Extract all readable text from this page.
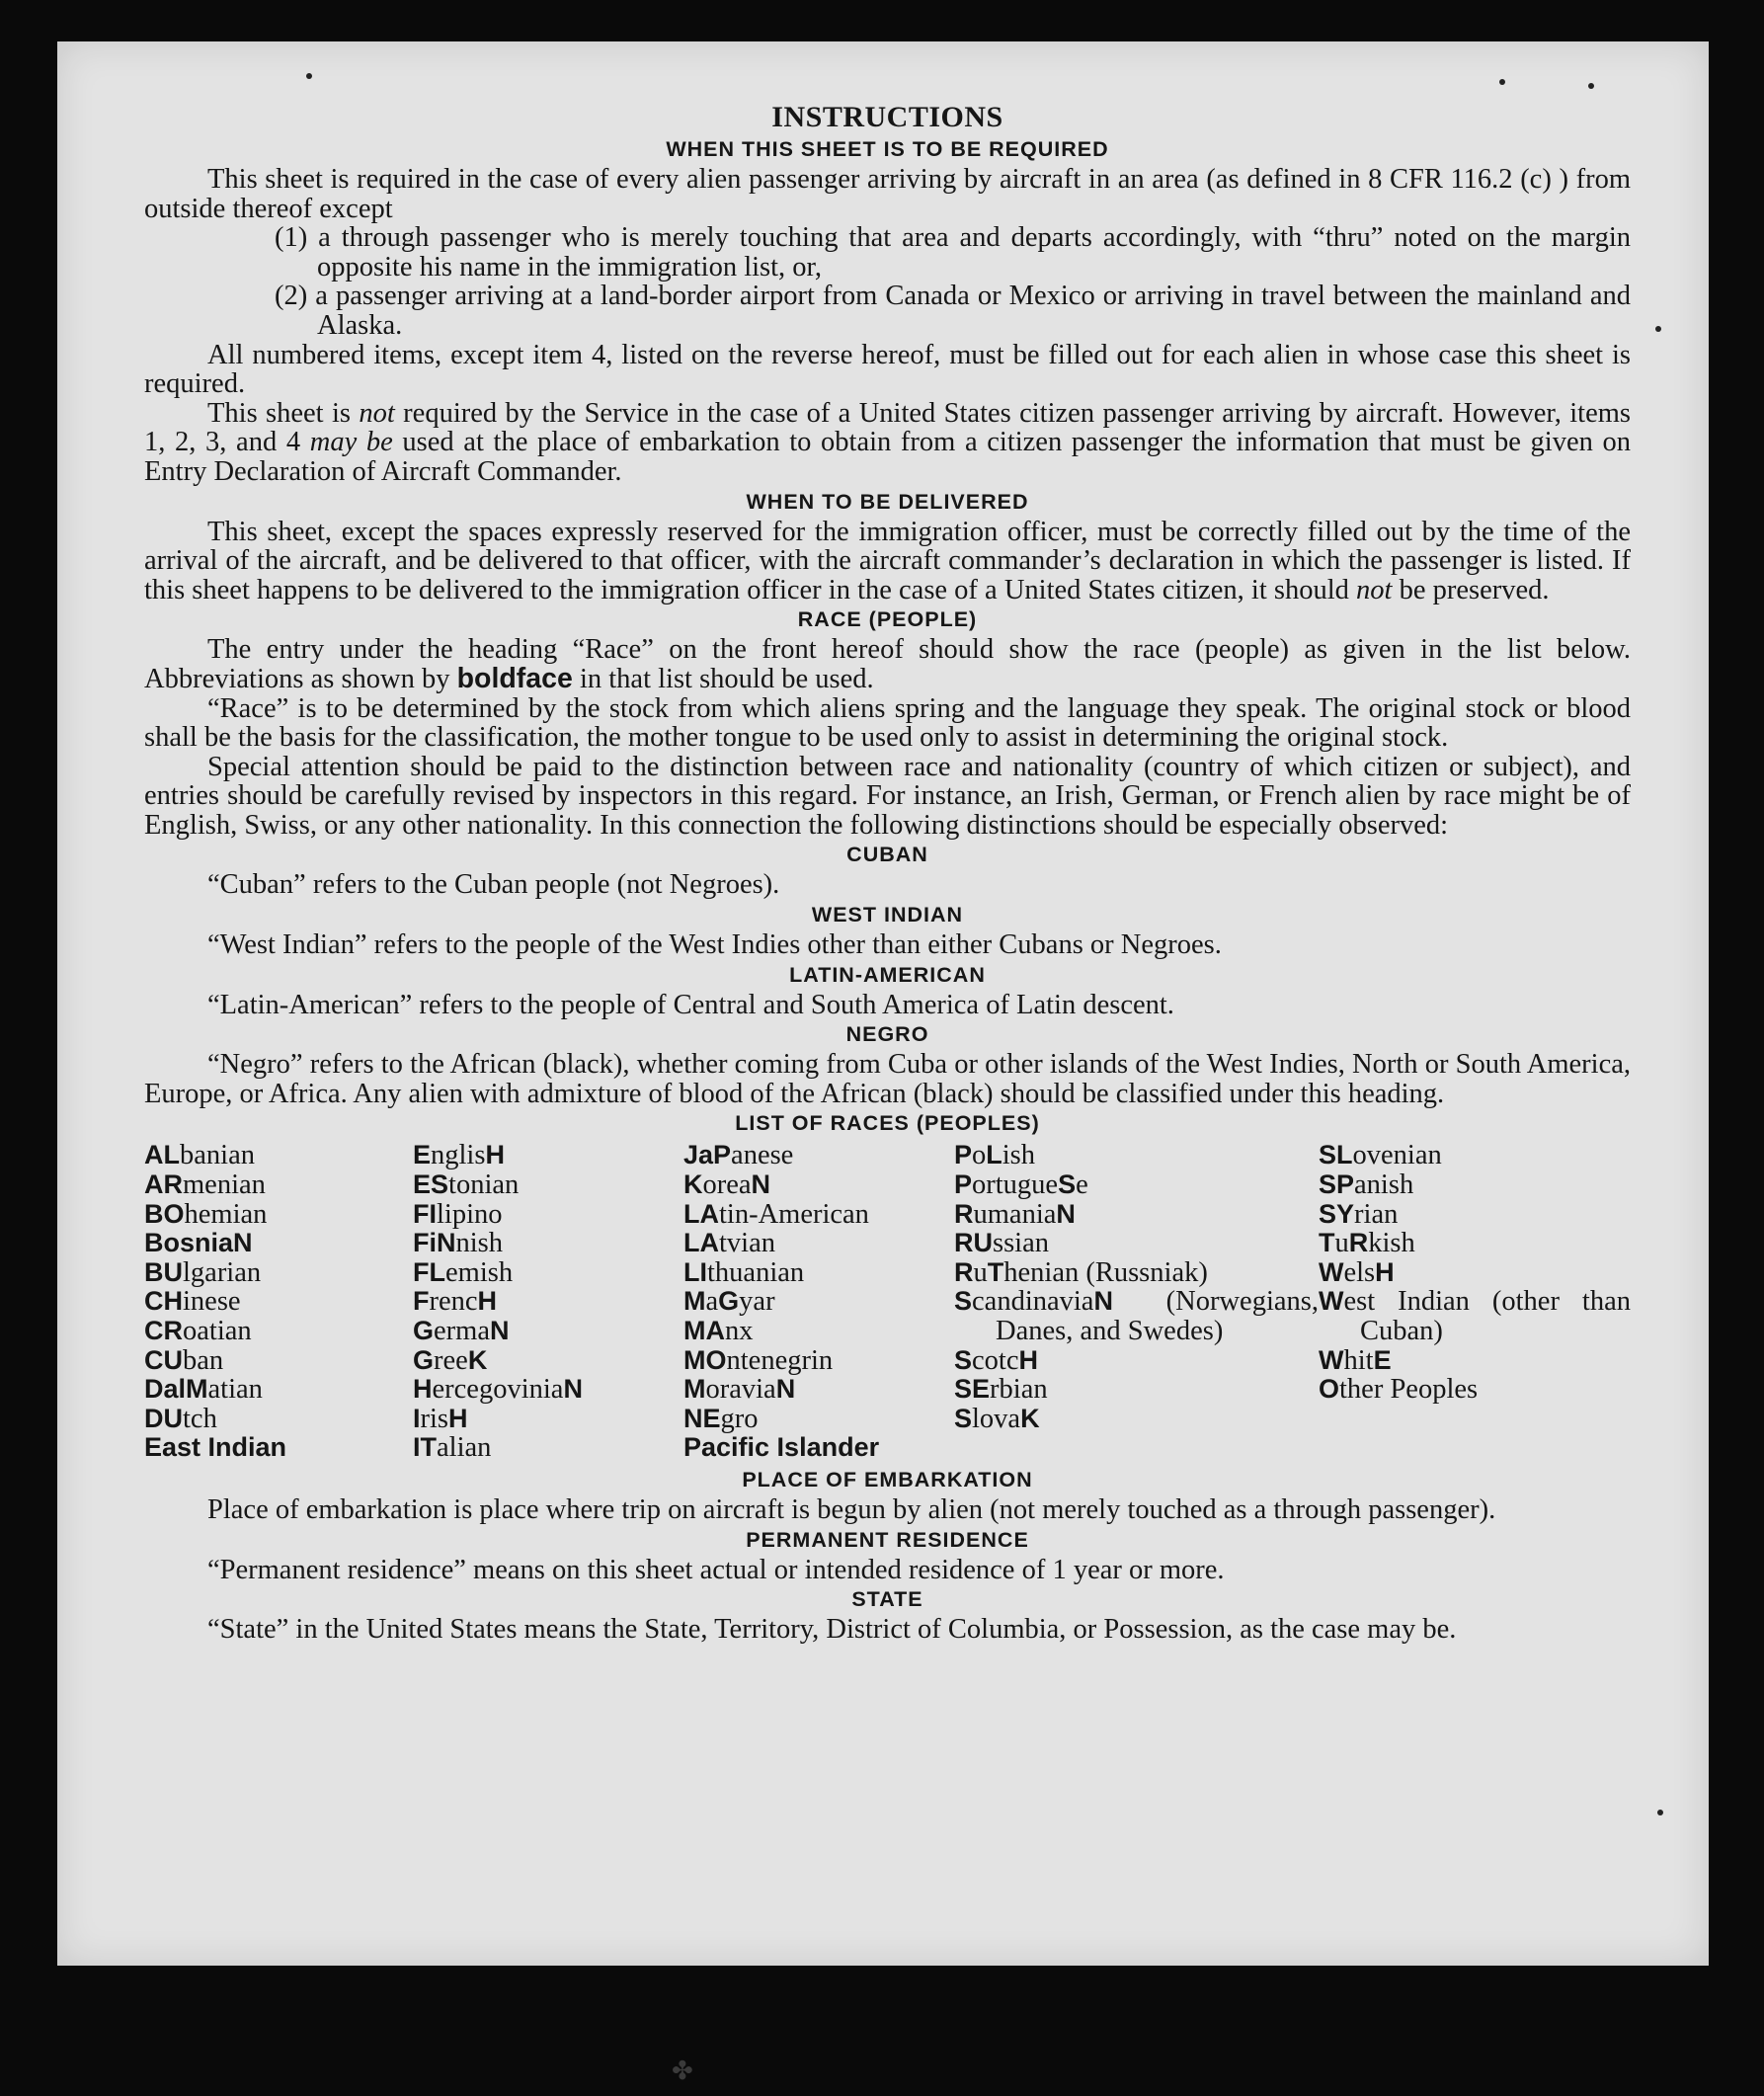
INSTRUCTIONS
WHEN THIS SHEET IS TO BE REQUIRED

This sheet is required in the case of every alien passenger arriving by aircraft in an area (as defined in 8 CFR 116.2 (c) ) from outside thereof except

(1) a through passenger who is merely touching that area and departs accordingly, with “thru” noted on the margin opposite his name in the immigration list, or,
(2) a passenger arriving at a land-border airport from Canada or Mexico or arriving in travel between the mainland and Alaska.

All numbered items, except item 4, listed on the reverse hereof, must be filled out for each alien in whose case this sheet is required.

This sheet is not required by the Service in the case of a United States citizen passenger arriving by aircraft. However, items 1, 2, 3, and 4 may be used at the place of embarkation to obtain from a citizen passenger the information that must be given on Entry Declaration of Aircraft Commander.

WHEN TO BE DELIVERED

This sheet, except the spaces expressly reserved for the immigration officer, must be correctly filled out by the time of the arrival of the aircraft, and be delivered to that officer, with the aircraft commander’s declaration in which the passenger is listed. If this sheet happens to be delivered to the immigration officer in the case of a United States citizen, it should not be preserved.

RACE (PEOPLE)

The entry under the heading “Race” on the front hereof should show the race (people) as given in the list below. Abbreviations as shown by boldface in that list should be used.

“Race” is to be determined by the stock from which aliens spring and the language they speak. The original stock or blood shall be the basis for the classification, the mother tongue to be used only to assist in determining the original stock.

Special attention should be paid to the distinction between race and nationality (country of which citizen or subject), and entries should be carefully revised by inspectors in this regard. For instance, an Irish, German, or French alien by race might be of English, Swiss, or any other nationality. In this connection the following distinctions should be especially observed:

CUBAN

“Cuban” refers to the Cuban people (not Negroes).

WEST INDIAN

“West Indian” refers to the people of the West Indies other than either Cubans or Negroes.

LATIN-AMERICAN

“Latin-American” refers to the people of Central and South America of Latin descent.

NEGRO

“Negro” refers to the African (black), whether coming from Cuba or other islands of the West Indies, North or South America, Europe, or Africa. Any alien with admixture of blood of the African (black) should be classified under this heading.

LIST OF RACES (PEOPLES)
ALbanian
ARmenian
BOhemian
BosniaN
BUlgarian
CHinese
CRoatian
CUban
DalMatian
DUtch
East Indian
EnglisH
EStonian
FIlipino
FiNnish
FLemish
FrencH
GermaN
GreeK
HercegoviniaN
IrisH
ITalian
JaPanese
KoreaN
LAtin-American
LAtvian
LIthuanian
MaGyar
MAnx
MOntenegrin
MoraviaN
NEgro
Pacific Islander
PoLish
PortugueSe
RumaniaN
RUssian
RuThenian (Russniak)
ScandinaviaN (Norwegians, Danes, and Swedes)
ScotcH
SErbian
SlovaK
SLovenian
SPanish
SYrian
TuRkish
WelsH
West Indian (other than Cuban)
WhitE
Other Peoples
PLACE OF EMBARKATION

Place of embarkation is place where trip on aircraft is begun by alien (not merely touched as a through passenger).

PERMANENT RESIDENCE

“Permanent residence” means on this sheet actual or intended residence of 1 year or more.

STATE

“State” in the United States means the State, Territory, District of Columbia, or Possession, as the case may be.

✤
